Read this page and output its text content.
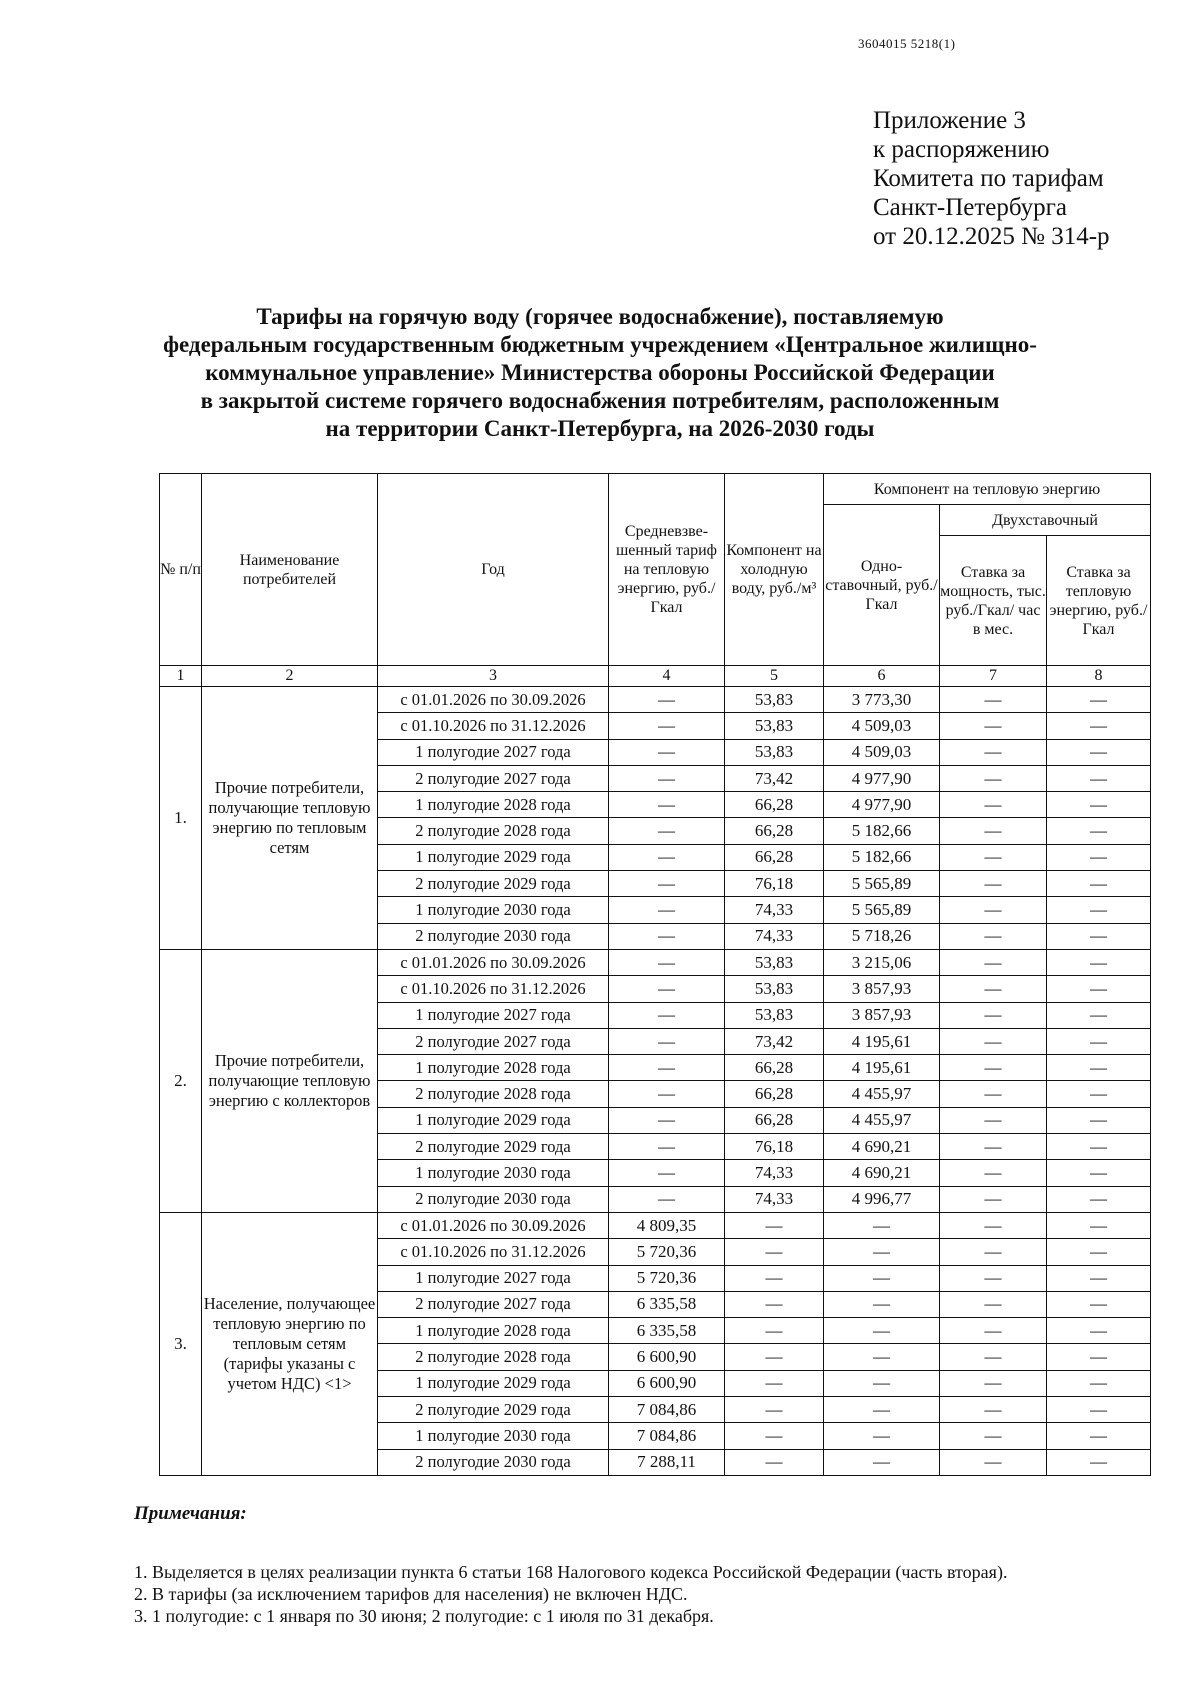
3604015 5218(1)
Приложение 3
к распоряжению
Комитета по тарифам
Санкт-Петербурга
от 20.12.2025 № 314-р
Тарифы на горячую воду (горячее водоснабжение), поставляемую
федеральным государственным бюджетным учреждением «Центральное жилищно-
коммунальное управление» Министерства обороны Российской Федерации
в закрытой системе горячего водоснабжения потребителям, расположенным
на территории Санкт-Петербурга, на 2026-2030 годы
№ п/п	Наименование потребителей	Год	Средневзве-шенный тариф на тепловую энергию, руб./Гкал	Компонент на холодную воду, руб./м³	Компонент на тепловую энергию		
					Одно-ставочный, руб./Гкал	Двухставочный	
						Ставка за мощность, тыс. руб./Гкал/ час в мес.	Ставка за тепловую энергию, руб./Гкал
1	2	3	4	5	6	7	8
1.	Прочие потребители, получающие тепловую энергию по тепловым сетям	с 01.01.2026 по 30.09.2026	—	53,83	3 773,30	—	—
		с 01.10.2026 по 31.12.2026	—	53,83	4 509,03	—	—
		1 полугодие 2027 года	—	53,83	4 509,03	—	—
		2 полугодие 2027 года	—	73,42	4 977,90	—	—
		1 полугодие 2028 года	—	66,28	4 977,90	—	—
		2 полугодие 2028 года	—	66,28	5 182,66	—	—
		1 полугодие 2029 года	—	66,28	5 182,66	—	—
		2 полугодие 2029 года	—	76,18	5 565,89	—	—
		1 полугодие 2030 года	—	74,33	5 565,89	—	—
		2 полугодие 2030 года	—	74,33	5 718,26	—	—
2.	Прочие потребители, получающие тепловую энергию с коллекторов	с 01.01.2026 по 30.09.2026	—	53,83	3 215,06	—	—
		с 01.10.2026 по 31.12.2026	—	53,83	3 857,93	—	—
		1 полугодие 2027 года	—	53,83	3 857,93	—	—
		2 полугодие 2027 года	—	73,42	4 195,61	—	—
		1 полугодие 2028 года	—	66,28	4 195,61	—	—
		2 полугодие 2028 года	—	66,28	4 455,97	—	—
		1 полугодие 2029 года	—	66,28	4 455,97	—	—
		2 полугодие 2029 года	—	76,18	4 690,21	—	—
		1 полугодие 2030 года	—	74,33	4 690,21	—	—
		2 полугодие 2030 года	—	74,33	4 996,77	—	—
3.	Население, получающее тепловую энергию по тепловым сетям (тарифы указаны с учетом НДС) <1>	с 01.01.2026 по 30.09.2026	4 809,35	—	—	—	—
		с 01.10.2026 по 31.12.2026	5 720,36	—	—	—	—
		1 полугодие 2027 года	5 720,36	—	—	—	—
		2 полугодие 2027 года	6 335,58	—	—	—	—
		1 полугодие 2028 года	6 335,58	—	—	—	—
		2 полугодие 2028 года	6 600,90	—	—	—	—
		1 полугодие 2029 года	6 600,90	—	—	—	—
		2 полугодие 2029 года	7 084,86	—	—	—	—
		1 полугодие 2030 года	7 084,86	—	—	—	—
		2 полугодие 2030 года	7 288,11	—	—	—	—
Примечания:
1. Выделяется в целях реализации пункта 6 статьи 168 Налогового кодекса Российской Федерации (часть вторая).
2. В тарифы (за исключением тарифов для населения) не включен НДС.
3. 1 полугодие: с 1 января по 30 июня; 2 полугодие: с 1 июля по 31 декабря.
